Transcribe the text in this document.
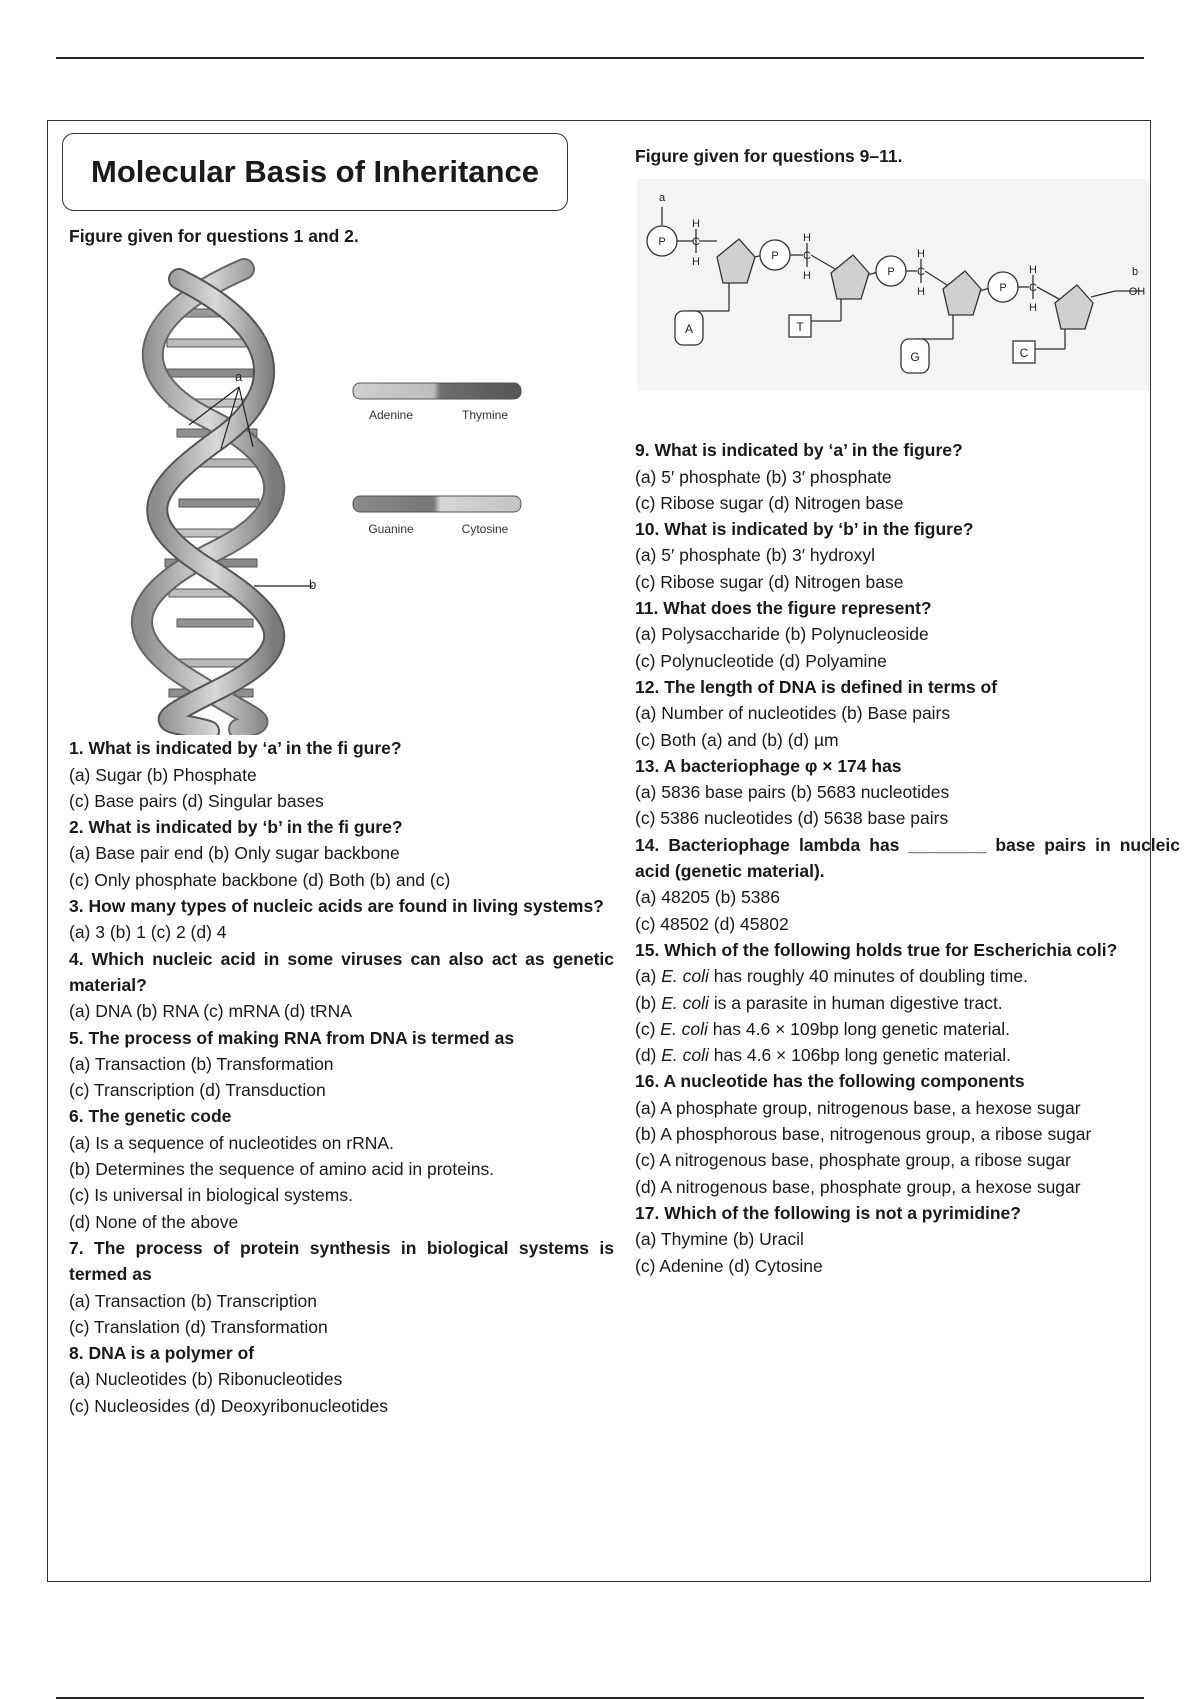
Molecular Basis of Inheritance
Figure given for questions 1 and 2.
a
b
Adenine	Thymine
Guanine	Cytosine
1. What is indicated by ‘a’ in the fi gure?
(a) Sugar (b) Phosphate
(c) Base pairs (d) Singular bases
2. What is indicated by ‘b’ in the fi gure?
(a) Base pair end (b) Only sugar backbone
(c) Only phosphate backbone (d) Both (b) and (c)
3. How many types of nucleic acids are found in living systems?
(a) 3 (b) 1 (c) 2 (d) 4
4. Which nucleic acid in some viruses can also act as genetic material?
(a) DNA (b) RNA (c) mRNA (d) tRNA
5. The process of making RNA from DNA is termed as
(a) Transaction (b) Transformation
(c) Transcription (d) Transduction
6. The genetic code
(a) Is a sequence of nucleotides on rRNA.
(b) Determines the sequence of amino acid in proteins.
(c) Is universal in biological systems.
(d) None of the above
7. The process of protein synthesis in biological systems is termed as
(a) Transaction (b) Transcription
(c) Translation (d) Transformation
8. DNA is a polymer of
(a) Nucleotides (b) Ribonucleotides
(c) Nucleosides (d) Deoxyribonucleotides
Figure given for questions 9–11.
P
P
P
P
H
C
H
H
C
H
H
C
H
H
C
H
a
b
OH
A	T
G	C
9. What is indicated by ‘a’ in the figure?
(a) 5′ phosphate (b) 3′ phosphate
(c) Ribose sugar (d) Nitrogen base
10. What is indicated by ‘b’ in the figure?
(a) 5′ phosphate (b) 3′ hydroxyl
(c) Ribose sugar (d) Nitrogen base
11. What does the figure represent?
(a) Polysaccharide (b) Polynucleoside
(c) Polynucleotide (d) Polyamine
12. The length of DNA is defined in terms of
(a) Number of nucleotides (b) Base pairs
(c) Both (a) and (b) (d) µm
13. A bacteriophage φ × 174 has
(a) 5836 base pairs (b) 5683 nucleotides
(c) 5386 nucleotides (d) 5638 base pairs
14. Bacteriophage lambda has ________ base pairs in nucleic acid (genetic material).
(a) 48205 (b) 5386
(c) 48502 (d) 45802
15. Which of the following holds true for Escherichia coli?
(a) E. coli has roughly 40 minutes of doubling time.
(b) E. coli is a parasite in human digestive tract.
(c) E. coli has 4.6 × 109bp long genetic material.
(d) E. coli has 4.6 × 106bp long genetic material.
16. A nucleotide has the following components
(a) A phosphate group, nitrogenous base, a hexose sugar
(b) A phosphorous base, nitrogenous group, a ribose sugar
(c) A nitrogenous base, phosphate group, a ribose sugar
(d) A nitrogenous base, phosphate group, a hexose sugar
17. Which of the following is not a pyrimidine?
(a) Thymine (b) Uracil
(c) Adenine (d) Cytosine
